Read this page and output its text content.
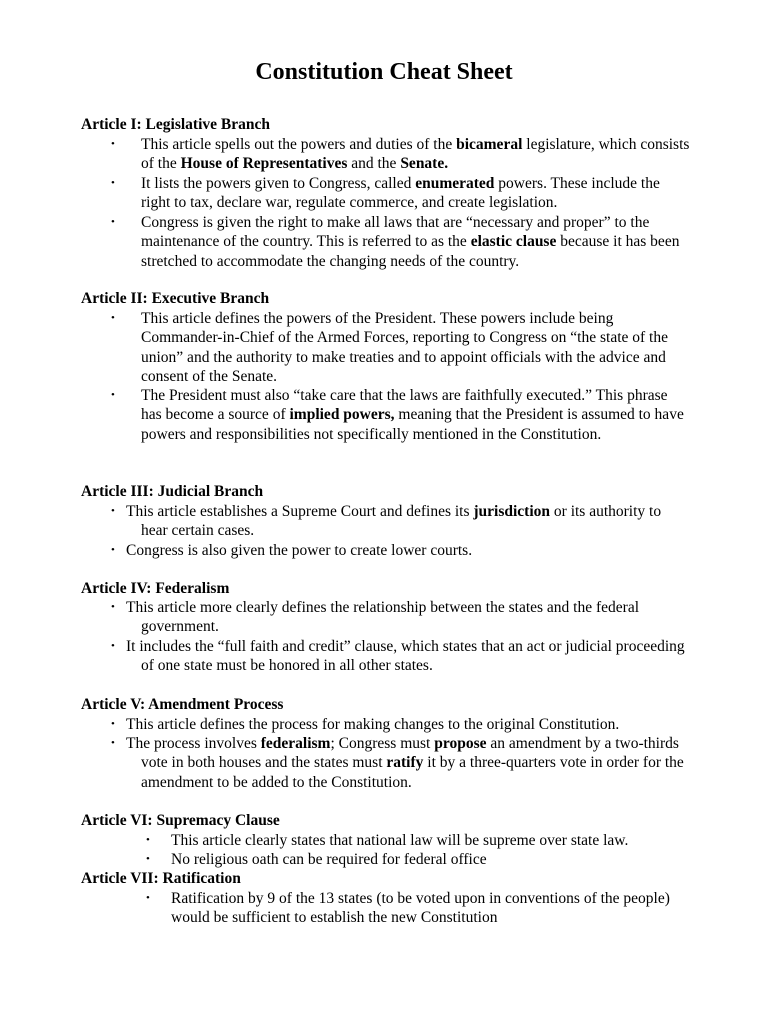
Constitution Cheat Sheet
Article I: Legislative Branch
• This article spells out the powers and duties of the bicameral legislature, which consists of the House of Representatives and the Senate.
• It lists the powers given to Congress, called enumerated powers. These include the right to tax, declare war, regulate commerce, and create legislation.
• Congress is given the right to make all laws that are “necessary and proper” to the maintenance of the country. This is referred to as the elastic clause because it has been stretched to accommodate the changing needs of the country.
Article II: Executive Branch
• This article defines the powers of the President. These powers include being Commander-in-Chief of the Armed Forces, reporting to Congress on “the state of the union” and the authority to make treaties and to appoint officials with the advice and consent of the Senate.
• The President must also “take care that the laws are faithfully executed.” This phrase has become a source of implied powers, meaning that the President is assumed to have powers and responsibilities not specifically mentioned in the Constitution.
Article III: Judicial Branch
• This article establishes a Supreme Court and defines its jurisdiction or its authority to hear certain cases.
• Congress is also given the power to create lower courts.
Article IV: Federalism
• This article more clearly defines the relationship between the states and the federal government.
• It includes the “full faith and credit” clause, which states that an act or judicial proceeding of one state must be honored in all other states.
Article V: Amendment Process
• This article defines the process for making changes to the original Constitution.
• The process involves federalism; Congress must propose an amendment by a two-thirds vote in both houses and the states must ratify it by a three-quarters vote in order for the amendment to be added to the Constitution.
Article VI: Supremacy Clause
• This article clearly states that national law will be supreme over state law.
• No religious oath can be required for federal office
Article VII: Ratification
• Ratification by 9 of the 13 states (to be voted upon in conventions of the people) would be sufficient to establish the new Constitution
